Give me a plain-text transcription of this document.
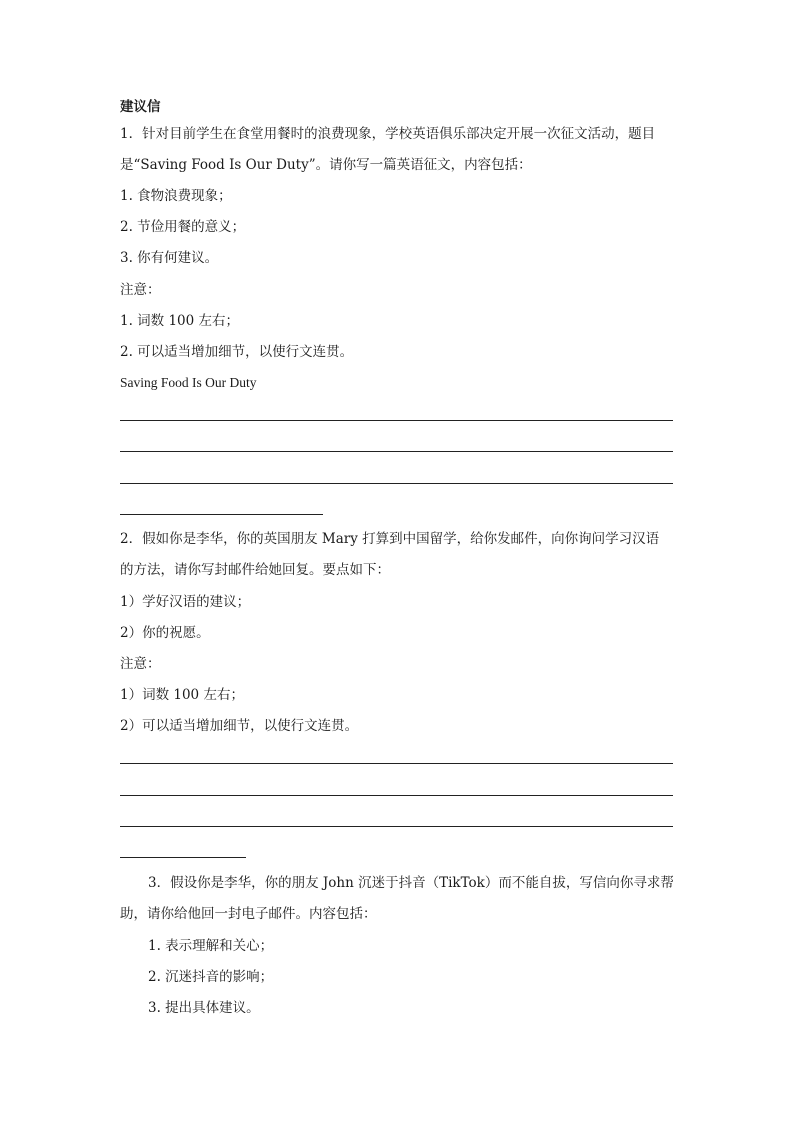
建议信
1．针对目前学生在食堂用餐时的浪费现象，学校英语俱乐部决定开展一次征文活动，题目
是“Saving Food Is Our Duty”。请你写一篇英语征文，内容包括：
1. 食物浪费现象；
2. 节俭用餐的意义；
3. 你有何建议。
注意：
1. 词数 100 左右；
2. 可以适当增加细节，以使行文连贯。
Saving Food Is Our Duty
2．假如你是李华，你的英国朋友 Mary 打算到中国留学，给你发邮件，向你询问学习汉语
的方法，请你写封邮件给她回复。要点如下：
1）学好汉语的建议；
2）你的祝愿。
注意：
1）词数 100 左右；
2）可以适当增加细节，以使行文连贯。
3．假设你是李华，你的朋友 John 沉迷于抖音（TikTok）而不能自拔，写信向你寻求帮
助，请你给他回一封电子邮件。内容包括：
1. 表示理解和关心；
2. 沉迷抖音的影响；
3. 提出具体建议。
